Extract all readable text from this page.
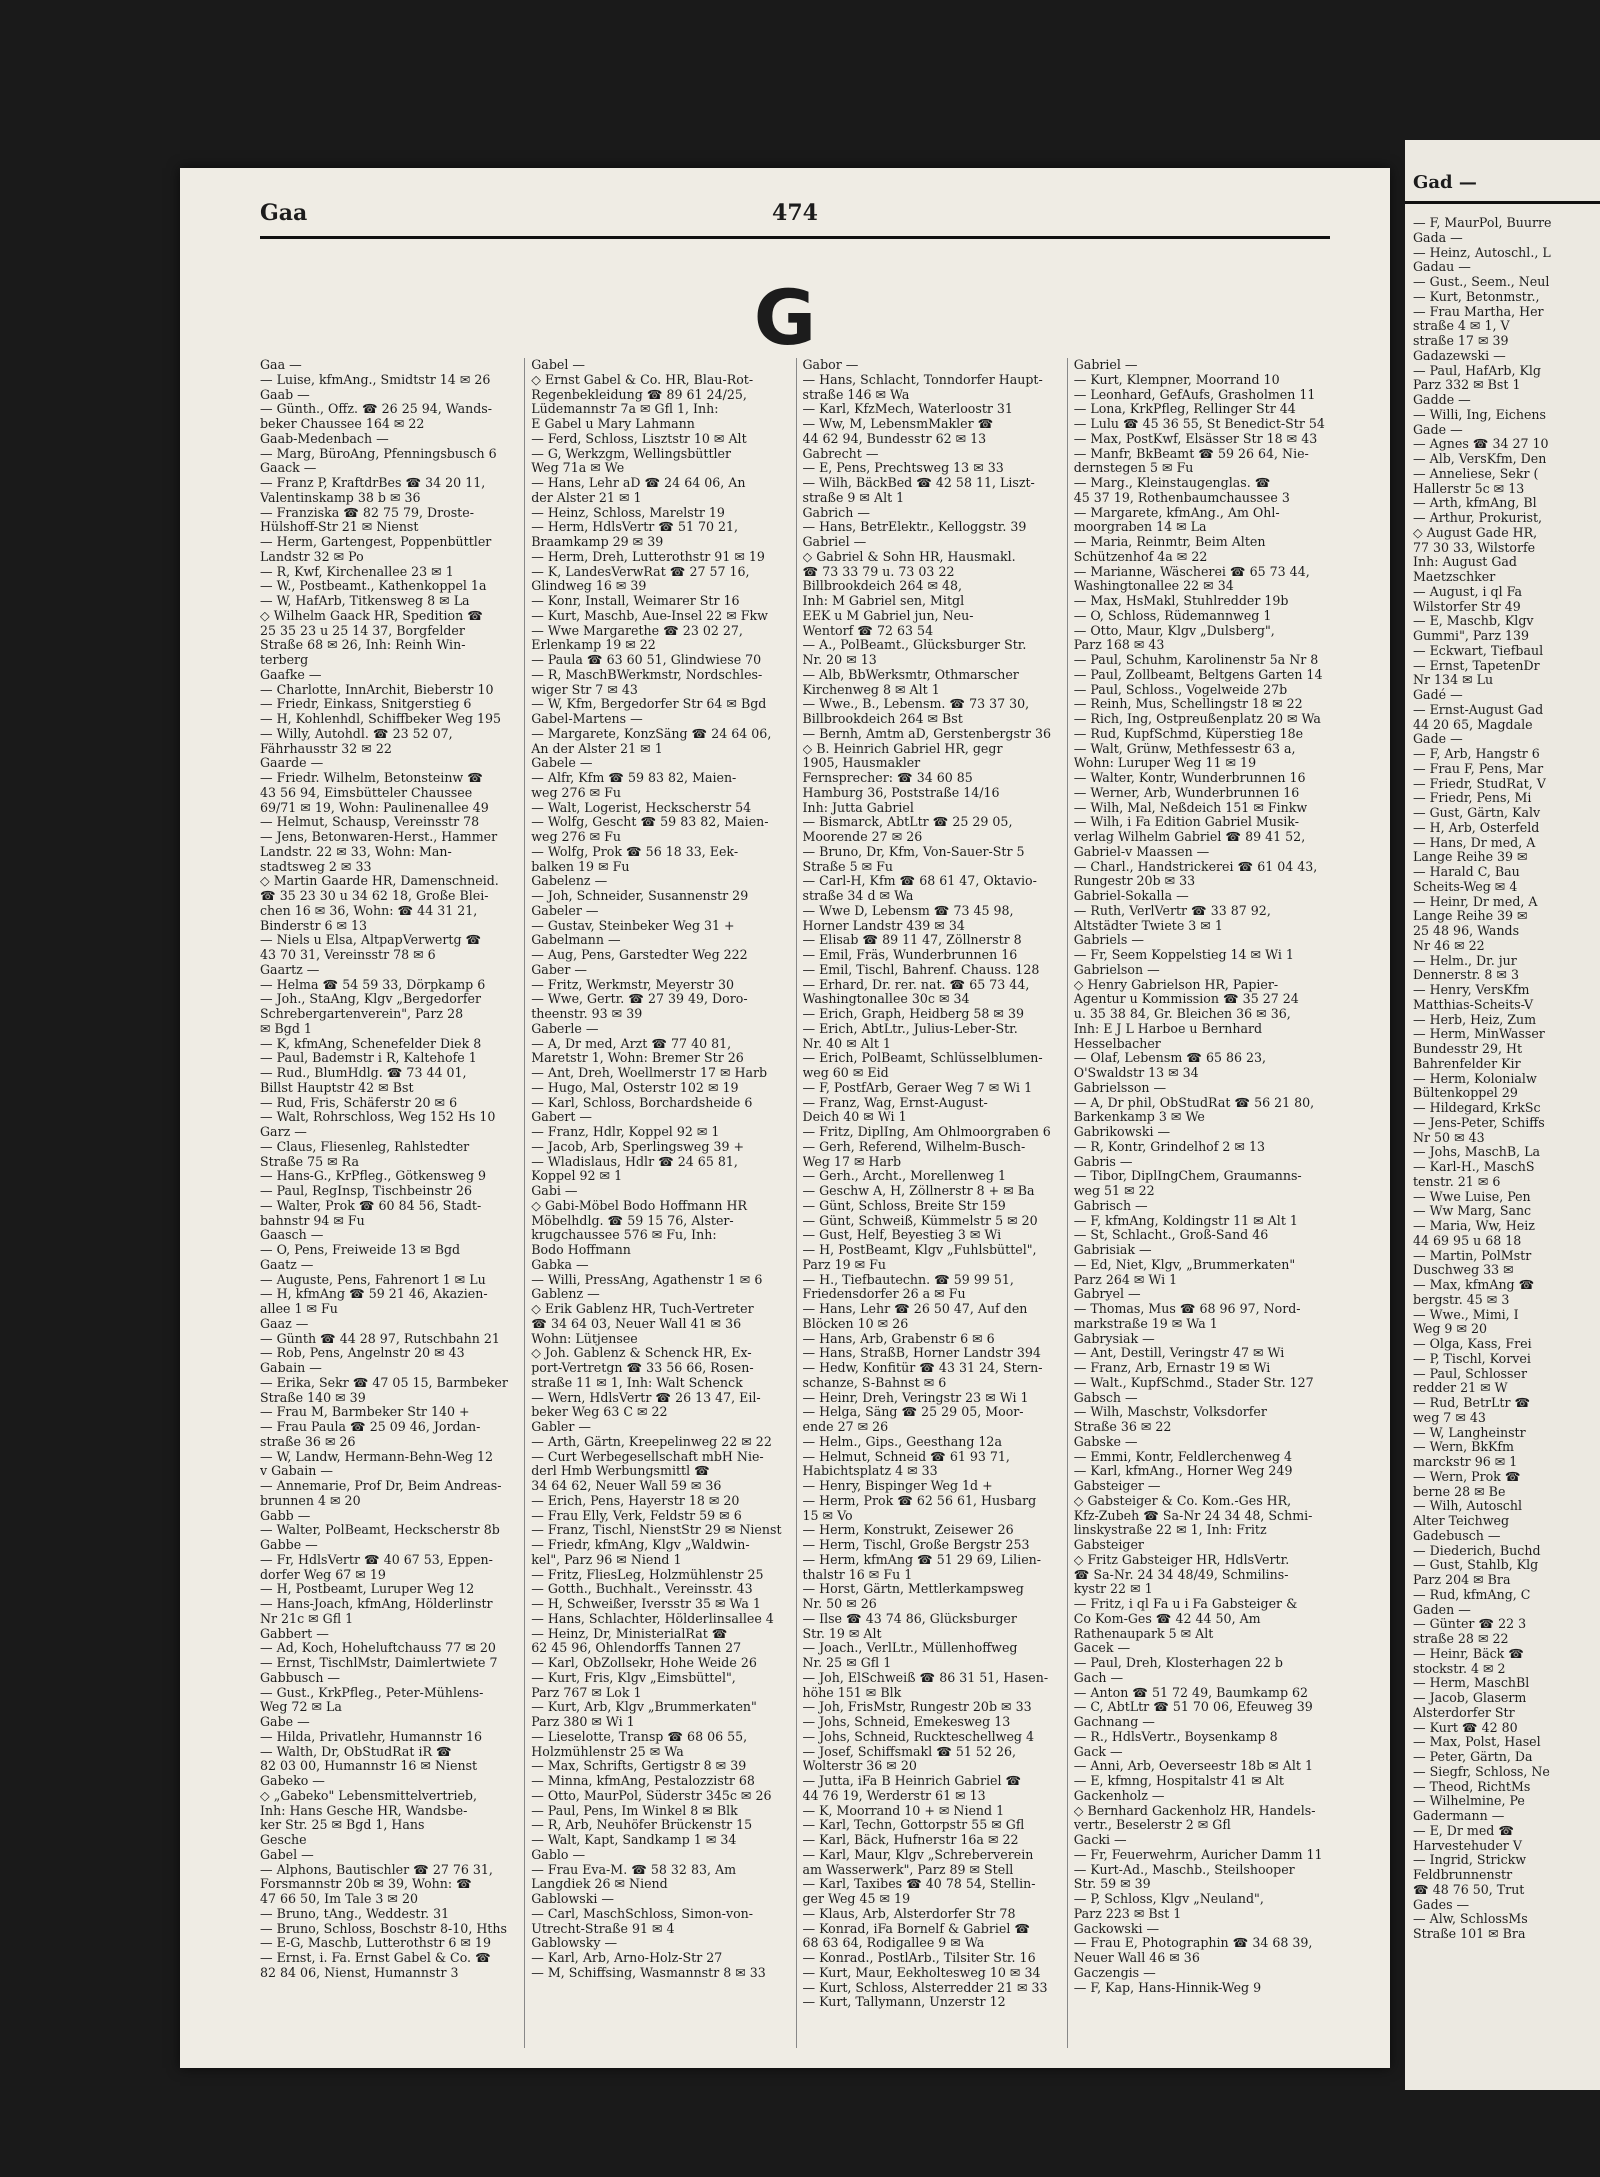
Gaa	474
G

Gaa —

— Luise, kfmAng., Smidtstr 14 ✉ 26

Gaab —

— Günth., Offz. ☎ 26 25 94, Wands-

beker Chaussee 164 ✉ 22

Gaab-Medenbach —

— Marg, BüroAng, Pfenningsbusch 6

Gaack —

— Franz P, KraftdrBes ☎ 34 20 11,

Valentinskamp 38 b ✉ 36

— Franziska ☎ 82 75 79, Droste-

Hülshoff-Str 21 ✉ Nienst

— Herm, Gartengest, Poppenbüttler

Landstr 32 ✉ Po

— R, Kwf, Kirchenallee 23 ✉ 1

— W., Postbeamt., Kathenkoppel 1a

— W, HafArb, Titkensweg 8 ✉ La

◇ Wilhelm Gaack HR, Spedition ☎

25 35 23 u 25 14 37, Borgfelder

Straße 68 ✉ 26, Inh: Reinh Win-

terberg

Gaafke —

— Charlotte, InnArchit, Bieberstr 10

— Friedr, Einkass, Snitgerstieg 6

— H, Kohlenhdl, Schiffbeker Weg 195

— Willy, Autohdl. ☎ 23 52 07,

Fährhausstr 32 ✉ 22

Gaarde —

— Friedr. Wilhelm, Betonsteinw ☎

43 56 94, Eimsbütteler Chaussee

69/71 ✉ 19, Wohn: Paulinenallee 49

— Helmut, Schausp, Vereinsstr 78

— Jens, Betonwaren-Herst., Hammer

Landstr. 22 ✉ 33, Wohn: Man-

stadtsweg 2 ✉ 33

◇ Martin Gaarde HR, Damenschneid.

☎ 35 23 30 u 34 62 18, Große Blei-

chen 16 ✉ 36, Wohn: ☎ 44 31 21,

Binderstr 6 ✉ 13

— Niels u Elsa, AltpapVerwertg ☎

43 70 31, Vereinsstr 78 ✉ 6

Gaartz —

— Helma ☎ 54 59 33, Dörpkamp 6

— Joh., StaAng, Klgv „Bergedorfer

Schrebergartenverein", Parz 28

✉ Bgd 1

— K, kfmAng, Schenefelder Diek 8

— Paul, Bademstr i R, Kaltehofe 1

— Rud., BlumHdlg. ☎ 73 44 01,

Billst Hauptstr 42 ✉ Bst

— Rud, Fris, Schäferstr 20 ✉ 6

— Walt, Rohrschloss, Weg 152 Hs 10

Garz —

— Claus, Fliesenleg, Rahlstedter

Straße 75 ✉ Ra

— Hans-G., KrPfleg., Götkensweg 9

— Paul, RegInsp, Tischbeinstr 26

— Walter, Prok ☎ 60 84 56, Stadt-

bahnstr 94 ✉ Fu

Gaasch —

— O, Pens, Freiweide 13 ✉ Bgd

Gaatz —

— Auguste, Pens, Fahrenort 1 ✉ Lu

— H, kfmAng ☎ 59 21 46, Akazien-

allee 1 ✉ Fu

Gaaz —

— Günth ☎ 44 28 97, Rutschbahn 21

— Rob, Pens, Angelnstr 20 ✉ 43

Gabain —

— Erika, Sekr ☎ 47 05 15, Barmbeker

Straße 140 ✉ 39

— Frau M, Barmbeker Str 140 +

— Frau Paula ☎ 25 09 46, Jordan-

straße 36 ✉ 26

— W, Landw, Hermann-Behn-Weg 12

v Gabain —

— Annemarie, Prof Dr, Beim Andreas-

brunnen 4 ✉ 20

Gabb —

— Walter, PolBeamt, Heckscherstr 8b

Gabbe —

— Fr, HdlsVertr ☎ 40 67 53, Eppen-

dorfer Weg 67 ✉ 19

— H, Postbeamt, Luruper Weg 12

— Hans-Joach, kfmAng, Hölderlinstr

Nr 21c ✉ Gfl 1

Gabbert —

— Ad, Koch, Hoheluftchauss 77 ✉ 20

— Ernst, TischlMstr, Daimlertwiete 7

Gabbusch —

— Gust., KrkPfleg., Peter-Mühlens-

Weg 72 ✉ La

Gabe —

— Hilda, Privatlehr, Humannstr 16

— Walth, Dr, ObStudRat iR ☎

82 03 00, Humannstr 16 ✉ Nienst

Gabeko —

◇ „Gabeko" Lebensmittelvertrieb,

Inh: Hans Gesche HR, Wandsbe-

ker Str. 25 ✉ Bgd 1, Hans

Gesche

Gabel —

— Alphons, Bautischler ☎ 27 76 31,

Forsmannstr 20b ✉ 39, Wohn: ☎

47 66 50, Im Tale 3 ✉ 20

— Bruno, tAng., Weddestr. 31

— Bruno, Schloss, Boschstr 8-10, Hths

— E-G, Maschb, Lutterothstr 6 ✉ 19

— Ernst, i. Fa. Ernst Gabel & Co. ☎

82 84 06, Nienst, Humannstr 3

Gabel —

◇ Ernst Gabel & Co. HR, Blau-Rot-

Regenbekleidung ☎ 89 61 24/25,

Lüdemannstr 7a ✉ Gfl 1, Inh:

E Gabel u Mary Lahmann

— Ferd, Schloss, Lisztstr 10 ✉ Alt

— G, Werkzgm, Wellingsbüttler

Weg 71a ✉ We

— Hans, Lehr aD ☎ 24 64 06, An

der Alster 21 ✉ 1

— Heinz, Schloss, Marelstr 19

— Herm, HdlsVertr ☎ 51 70 21,

Braamkamp 29 ✉ 39

— Herm, Dreh, Lutterothstr 91 ✉ 19

— K, LandesVerwRat ☎ 27 57 16,

Glindweg 16 ✉ 39

— Konr, Install, Weimarer Str 16

— Kurt, Maschb, Aue-Insel 22 ✉ Fkw

— Wwe Margarethe ☎ 23 02 27,

Erlenkamp 19 ✉ 22

— Paula ☎ 63 60 51, Glindwiese 70

— R, MaschBWerkmstr, Nordschles-

wiger Str 7 ✉ 43

— W, Kfm, Bergedorfer Str 64 ✉ Bgd

Gabel-Martens —

— Margarete, KonzSäng ☎ 24 64 06,

An der Alster 21 ✉ 1

Gabele —

— Alfr, Kfm ☎ 59 83 82, Maien-

weg 276 ✉ Fu

— Walt, Logerist, Heckscherstr 54

— Wolfg, Gescht ☎ 59 83 82, Maien-

weg 276 ✉ Fu

— Wolfg, Prok ☎ 56 18 33, Eek-

balken 19 ✉ Fu

Gabelenz —

— Joh, Schneider, Susannenstr 29

Gabeler —

— Gustav, Steinbeker Weg 31 +

Gabelmann —

— Aug, Pens, Garstedter Weg 222

Gaber —

— Fritz, Werkmstr, Meyerstr 30

— Wwe, Gertr. ☎ 27 39 49, Doro-

theenstr. 93 ✉ 39

Gaberle —

— A, Dr med, Arzt ☎ 77 40 81,

Maretstr 1, Wohn: Bremer Str 26

— Ant, Dreh, Woellmerstr 17 ✉ Harb

— Hugo, Mal, Osterstr 102 ✉ 19

— Karl, Schloss, Borchardsheide 6

Gabert —

— Franz, Hdlr, Koppel 92 ✉ 1

— Jacob, Arb, Sperlingsweg 39 +

— Wladislaus, Hdlr ☎ 24 65 81,

Koppel 92 ✉ 1

Gabi —

◇ Gabi-Möbel Bodo Hoffmann HR

Möbelhdlg. ☎ 59 15 76, Alster-

krugchaussee 576 ✉ Fu, Inh:

Bodo Hoffmann

Gabka —

— Willi, PressAng, Agathenstr 1 ✉ 6

Gablenz —

◇ Erik Gablenz HR, Tuch-Vertreter

☎ 34 64 03, Neuer Wall 41 ✉ 36

Wohn: Lütjensee

◇ Joh. Gablenz & Schenck HR, Ex-

port-Vertretgn ☎ 33 56 66, Rosen-

straße 11 ✉ 1, Inh: Walt Schenck

— Wern, HdlsVertr ☎ 26 13 47, Eil-

beker Weg 63 C ✉ 22

Gabler —

— Arth, Gärtn, Kreepelinweg 22 ✉ 22

— Curt Werbegesellschaft mbH Nie-

derl Hmb Werbungsmittl ☎

34 64 62, Neuer Wall 59 ✉ 36

— Erich, Pens, Hayerstr 18 ✉ 20

— Frau Elly, Verk, Feldstr 59 ✉ 6

— Franz, Tischl, NienstStr 29 ✉ Nienst

— Friedr, kfmAng, Klgv „Waldwin-

kel", Parz 96 ✉ Niend 1

— Fritz, FliesLeg, Holzmühlenstr 25

— Gotth., Buchhalt., Vereinsstr. 43

— H, Schweißer, Iversstr 35 ✉ Wa 1

— Hans, Schlachter, Hölderlinsallee 4

— Heinz, Dr, MinisterialRat ☎

62 45 96, Ohlendorffs Tannen 27

— Karl, ObZollsekr, Hohe Weide 26

— Kurt, Fris, Klgv „Eimsbüttel",

Parz 767 ✉ Lok 1

— Kurt, Arb, Klgv „Brummerkaten"

Parz 380 ✉ Wi 1

— Lieselotte, Transp ☎ 68 06 55,

Holzmühlenstr 25 ✉ Wa

— Max, Schrifts, Gertigstr 8 ✉ 39

— Minna, kfmAng, Pestalozzistr 68

— Otto, MaurPol, Süderstr 345c ✉ 26

— Paul, Pens, Im Winkel 8 ✉ Blk

— R, Arb, Neuhöfer Brückenstr 15

— Walt, Kapt, Sandkamp 1 ✉ 34

Gablo —

— Frau Eva-M. ☎ 58 32 83, Am

Langdiek 26 ✉ Niend

Gablowski —

— Carl, MaschSchloss, Simon-von-

Utrecht-Straße 91 ✉ 4

Gablowsky —

— Karl, Arb, Arno-Holz-Str 27

— M, Schiffsing, Wasmannstr 8 ✉ 33

Gabor —

— Hans, Schlacht, Tonndorfer Haupt-

straße 146 ✉ Wa

— Karl, KfzMech, Waterloostr 31

— Ww, M, LebensmMakler ☎

44 62 94, Bundesstr 62 ✉ 13

Gabrecht —

— E, Pens, Prechtsweg 13 ✉ 33

— Wilh, BäckBed ☎ 42 58 11, Liszt-

straße 9 ✉ Alt 1

Gabrich —

— Hans, BetrElektr., Kelloggstr. 39

Gabriel —

◇ Gabriel & Sohn HR, Hausmakl.

☎ 73 33 79 u. 73 03 22

Billbrookdeich 264 ✉ 48,

Inh: M Gabriel sen, Mitgl

EEK u M Gabriel jun, Neu-

Wentorf ☎ 72 63 54

— A., PolBeamt., Glücksburger Str.

Nr. 20 ✉ 13

— Alb, BbWerksmtr, Othmarscher

Kirchenweg 8 ✉ Alt 1

— Wwe., B., Lebensm. ☎ 73 37 30,

Billbrookdeich 264 ✉ Bst

— Bernh, Amtm aD, Gerstenbergstr 36

◇ B. Heinrich Gabriel HR, gegr

1905, Hausmakler

Fernsprecher: ☎ 34 60 85

Hamburg 36, Poststraße 14/16

Inh: Jutta Gabriel

— Bismarck, AbtLtr ☎ 25 29 05,

Moorende 27 ✉ 26

— Bruno, Dr, Kfm, Von-Sauer-Str 5

Straße 5 ✉ Fu

— Carl-H, Kfm ☎ 68 61 47, Oktavio-

straße 34 d ✉ Wa

— Wwe D, Lebensm ☎ 73 45 98,

Horner Landstr 439 ✉ 34

— Elisab ☎ 89 11 47, Zöllnerstr 8

— Emil, Fräs, Wunderbrunnen 16

— Emil, Tischl, Bahrenf. Chauss. 128

— Erhard, Dr. rer. nat. ☎ 65 73 44,

Washingtonallee 30c ✉ 34

— Erich, Graph, Heidberg 58 ✉ 39

— Erich, AbtLtr., Julius-Leber-Str.

Nr. 40 ✉ Alt 1

— Erich, PolBeamt, Schlüsselblumen-

weg 60 ✉ Eid

— F, PostfArb, Geraer Weg 7 ✉ Wi 1

— Franz, Wag, Ernst-August-

Deich 40 ✉ Wi 1

— Fritz, DiplIng, Am Ohlmoorgraben 6

— Gerh, Referend, Wilhelm-Busch-

Weg 17 ✉ Harb

— Gerh., Archt., Morellenweg 1

— Geschw A, H, Zöllnerstr 8 + ✉ Ba

— Günt, Schloss, Breite Str 159

— Günt, Schweiß, Kümmelstr 5 ✉ 20

— Gust, Helf, Beyestieg 3 ✉ Wi

— H, PostBeamt, Klgv „Fuhlsbüttel",

Parz 19 ✉ Fu

— H., Tiefbautechn. ☎ 59 99 51,

Friedensdorfer 26 a ✉ Fu

— Hans, Lehr ☎ 26 50 47, Auf den

Blöcken 10 ✉ 26

— Hans, Arb, Grabenstr 6 ✉ 6

— Hans, StraßB, Horner Landstr 394

— Hedw, Konfitür ☎ 43 31 24, Stern-

schanze, S-Bahnst ✉ 6

— Heinr, Dreh, Veringstr 23 ✉ Wi 1

— Helga, Säng ☎ 25 29 05, Moor-

ende 27 ✉ 26

— Helm., Gips., Geesthang 12a

— Helmut, Schneid ☎ 61 93 71,

Habichtsplatz 4 ✉ 33

— Henry, Bispinger Weg 1d +

— Herm, Prok ☎ 62 56 61, Husbarg

15 ✉ Vo

— Herm, Konstrukt, Zeisewег 26

— Herm, Tischl, Große Bergstr 253

— Herm, kfmAng ☎ 51 29 69, Lilien-

thalstr 16 ✉ Fu 1

— Horst, Gärtn, Mettlerkampsweg

Nr. 50 ✉ 26

— Ilse ☎ 43 74 86, Glücksburger

Str. 19 ✉ Alt

— Joach., VerlLtr., Müllenhoffweg

Nr. 25 ✉ Gfl 1

— Joh, ElSchweiß ☎ 86 31 51, Hasen-

höhe 151 ✉ Blk

— Joh, FrisMstr, Rungestr 20b ✉ 33

— Johs, Schneid, Emekesweg 13

— Johs, Schneid, Ruckteschellweg 4

— Josef, Schiffsmakl ☎ 51 52 26,

Wolterstr 36 ✉ 20

— Jutta, iFa B Heinrich Gabriel ☎

44 76 19, Werderstr 61 ✉ 13

— K, Moorrand 10 + ✉ Niend 1

— Karl, Techn, Gottorpstr 55 ✉ Gfl

— Karl, Bäck, Hufnerstr 16a ✉ 22

— Karl, Maur, Klgv „Schreberverein

am Wasserwerk", Parz 89 ✉ Stell

— Karl, Taxibes ☎ 40 78 54, Stellin-

ger Weg 45 ✉ 19

— Klaus, Arb, Alsterdorfer Str 78

— Konrad, iFa Bornelf & Gabriel ☎

68 63 64, Rodigallee 9 ✉ Wa

— Konrad., PostlArb., Tilsiter Str. 16

— Kurt, Maur, Eekholtesweg 10 ✉ 34

— Kurt, Schloss, Alsterredder 21 ✉ 33

— Kurt, Tallymann, Unzerstr 12

Gabriel —

— Kurt, Klempner, Moorrand 10

— Leonhard, GefAufs, Grasholmen 11

— Lona, KrkPfleg, Rellinger Str 44

— Lulu ☎ 45 36 55, St Benedict-Str 54

— Max, PostKwf, Elsässer Str 18 ✉ 43

— Manfr, BkBeamt ☎ 59 26 64, Nie-

dernstegen 5 ✉ Fu

— Marg., Kleinstaugenglas. ☎

45 37 19, Rothenbaumchaussee 3

— Margarete, kfmAng., Am Ohl-

moorgraben 14 ✉ La

— Maria, Reinmtr, Beim Alten

Schützenhof 4a ✉ 22

— Marianne, Wäscherei ☎ 65 73 44,

Washingtonallee 22 ✉ 34

— Max, HsMakl, Stuhlredder 19b

— O, Schloss, Rüdemannweg 1

— Otto, Maur, Klgv „Dulsberg",

Parz 168 ✉ 43

— Paul, Schuhm, Karolinenstr 5a Nr 8

— Paul, Zollbeamt, Beltgens Garten 14

— Paul, Schloss., Vogelweide 27b

— Reinh, Mus, Schellingstr 18 ✉ 22

— Rich, Ing, Ostpreußenplatz 20 ✉ Wa

— Rud, KupfSchmd, Küperstieg 18e

— Walt, Grünw, Methfessestr 63 a,

Wohn: Luruper Weg 11 ✉ 19

— Walter, Kontr, Wunderbrunnen 16

— Werner, Arb, Wunderbrunnen 16

— Wilh, Mal, Neßdeich 151 ✉ Finkw

— Wilh, i Fa Edition Gabriel Musik-

verlag Wilhelm Gabriel ☎ 89 41 52,

Gabriel-v Maassen —

— Charl., Handstrickerei ☎ 61 04 43,

Rungestr 20b ✉ 33

Gabriel-Sokalla —

— Ruth, VerlVertr ☎ 33 87 92,

Altstädter Twiete 3 ✉ 1

Gabriels —

— Fr, Seem Koppelstieg 14 ✉ Wi 1

Gabrielson —

◇ Henry Gabrielson HR, Papier-

Agentur u Kommission ☎ 35 27 24

u. 35 38 84, Gr. Bleichen 36 ✉ 36,

Inh: E J L Harboe u Bernhard

Hesselbacher

— Olaf, Lebensm ☎ 65 86 23,

O'Swaldstr 13 ✉ 34

Gabrielsson —

— A, Dr phil, ObStudRat ☎ 56 21 80,

Barkenkamp 3 ✉ We

Gabrikowski —

— R, Kontr, Grindelhof 2 ✉ 13

Gabris —

— Tibor, DiplIngChem, Graumanns-

weg 51 ✉ 22

Gabrisch —

— F, kfmAng, Koldingstr 11 ✉ Alt 1

— St, Schlacht., Groß-Sand 46

Gabrisiak —

— Ed, Niet, Klgv, „Brummerkaten"

Parz 264 ✉ Wi 1

Gabryel —

— Thomas, Mus ☎ 68 96 97, Nord-

markstraße 19 ✉ Wa 1

Gabrysiak —

— Ant, Destill, Veringstr 47 ✉ Wi

— Franz, Arb, Ernastr 19 ✉ Wi

— Walt., KupfSchmd., Stader Str. 127

Gabsch —

— Wilh, Maschstr, Volksdorfer

Straße 36 ✉ 22

Gabske —

— Emmi, Kontr, Feldlerchenweg 4

— Karl, kfmAng., Horner Weg 249

Gabsteiger —

◇ Gabsteiger & Co. Kom.-Ges HR,

Kfz-Zubeh ☎ Sa-Nr 24 34 48, Schmi-

linskystraße 22 ✉ 1, Inh: Fritz

Gabsteiger

◇ Fritz Gabsteiger HR, HdlsVertr.

☎ Sa-Nr. 24 34 48/49, Schmilins-

kystr 22 ✉ 1

— Fritz, i ql Fa u i Fa Gabsteiger &

Co Kom-Ges ☎ 42 44 50, Am

Rathenaupark 5 ✉ Alt

Gacek —

— Paul, Dreh, Klosterhagen 22 b

Gach —

— Anton ☎ 51 72 49, Baumkamp 62

— C, AbtLtr ☎ 51 70 06, Efeuweg 39

Gachnang —

— R., HdlsVertr., Boysenkamp 8

Gack —

— Anni, Arb, Oeverseestr 18b ✉ Alt 1

— E, kfmng, Hospitalstr 41 ✉ Alt

Gackenholz —

◇ Bernhard Gackenholz HR, Handels-

vertr., Beselerstr 2 ✉ Gfl

Gacki —

— Fr, Feuerwehrm, Auricher Damm 11

— Kurt-Ad., Maschb., Steilshooper

Str. 59 ✉ 39

— P, Schloss, Klgv „Neuland",

Parz 223 ✉ Bst 1

Gackowski —

— Frau E, Photographin ☎ 34 68 39,

Neuer Wall 46 ✉ 36

Gaczengis —

— F, Kap, Hans-Hinnik-Weg 9

Gad —

— F, MaurPol, Buurre

Gada —

— Heinz, Autoschl., L

Gadau —

— Gust., Seem., Neul

— Kurt, Betonmstr.,

— Frau Martha, Her

straße 4 ✉ 1, V

straße 17 ✉ 39

Gadazewski —

— Paul, HafArb, Klg

Parz 332 ✉ Bst 1

Gadde —

— Willi, Ing, Eichens

Gade —

— Agnes ☎ 34 27 10

— Alb, VersKfm, Den

— Anneliese, Sekr (

Hallerstr 5c ✉ 13

— Arth, kfmAng, Bl

— Arthur, Prokurist,

◇ August Gade HR,

77 30 33, Wilstorfe

Inh: August Gad

Maetzschker

— August, i ql Fa

Wilstorfer Str 49

— E, Maschb, Klgv

Gummi", Parz 139

— Eckwart, Tiefbaul

— Ernst, TapetenDr

Nr 134 ✉ Lu

Gadé —

— Ernst-August Gad

44 20 65, Magdale

Gade —

— F, Arb, Hangstr 6

— Frau F, Pens, Mar

— Friedr, StudRat, V

— Friedr, Pens, Mi

— Gust, Gärtn, Kalv

— H, Arb, Osterfeld

— Hans, Dr med, A

Lange Reihe 39 ✉

— Harald C, Bau

Scheits-Weg ✉ 4

— Heinr, Dr med, A

Lange Reihe 39 ✉

25 48 96, Wands

Nr 46 ✉ 22

— Helm., Dr. jur

Dennerstr. 8 ✉ 3

— Henry, VersKfm

Matthias-Scheits-V

— Herb, Heiz, Zum

— Herm, MinWasser

Bundesstr 29, Ht

Bahrenfelder Kir

— Herm, Kolonialw

Bültenkoppel 29

— Hildegard, KrkSc

— Jens-Peter, Schiffs

Nr 50 ✉ 43

— Johs, MaschB, La

— Karl-H., MaschS

tenstr. 21 ✉ 6

— Wwe Luise, Pen

— Ww Marg, Sanc

— Maria, Ww, Heiz

44 69 95 u 68 18

— Martin, PolMstr

Duschweg 33 ✉

— Max, kfmAng ☎

bergstr. 45 ✉ 3

— Wwe., Mimi, I

Weg 9 ✉ 20

— Olga, Kass, Frei

— P, Tischl, Korvei

— Paul, Schlosser

redder 21 ✉ W

— Rud, BetrLtr ☎

weg 7 ✉ 43

— W, Langheinstr

— Wern, BkKfm

marckstr 96 ✉ 1

— Wern, Prok ☎

berne 28 ✉ Be

— Wilh, Autoschl

Alter Teichweg

Gadebusch —

— Diederich, Buchd

— Gust, Stahlb, Klg

Parz 204 ✉ Bra

— Rud, kfmAng, C

Gaden —

— Günter ☎ 22 3

straße 28 ✉ 22

— Heinr, Bäck ☎

stockstr. 4 ✉ 2

— Herm, MaschBl

— Jacob, Glaserm

Alsterdorfer Str

— Kurt ☎ 42 80

— Max, Polst, Hasel

— Peter, Gärtn, Da

— Siegfr, Schloss, Ne

— Theod, RichtMs

— Wilhelmine, Pe

Gadermann —

— E, Dr med ☎

Harvestehuder V

— Ingrid, Strickw

Feldbrunnenstr

☎ 48 76 50, Trut

Gades —

— Alw, SchlossMs

Straße 101 ✉ Bra
